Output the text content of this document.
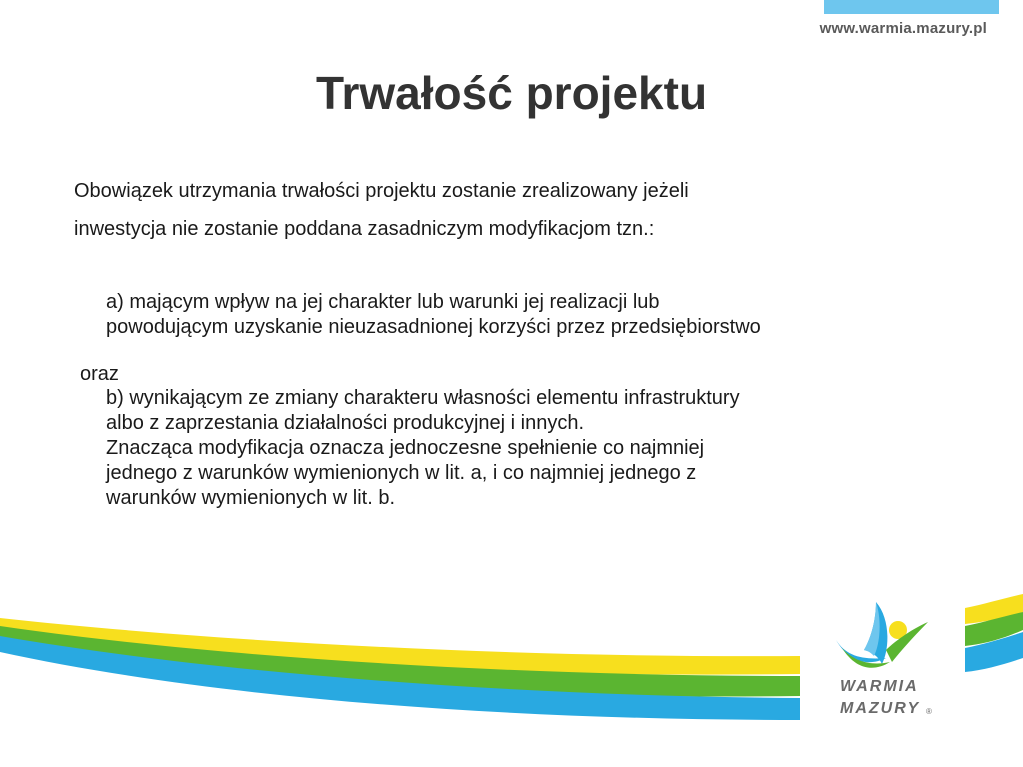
www.warmia.mazury.pl
Trwałość projektu

Obowiązek utrzymania trwałości projektu zostanie zrealizowany jeżeli

inwestycja nie zostanie poddana zasadniczym modyfikacjom tzn.:

a) mającym wpływ na jej charakter lub warunki jej realizacji lub

powodującym uzyskanie nieuzasadnionej korzyści przez przedsiębiorstwo

oraz

b) wynikającym ze zmiany charakteru własności elementu infrastruktury

albo z zaprzestania działalności produkcyjnej i innych.

Znacząca modyfikacja oznacza jednoczesne spełnienie co najmniej

jednego z warunków wymienionych w lit. a, i co najmniej jednego z

warunków wymienionych w lit. b.

WARMIA
MAZURY ®
